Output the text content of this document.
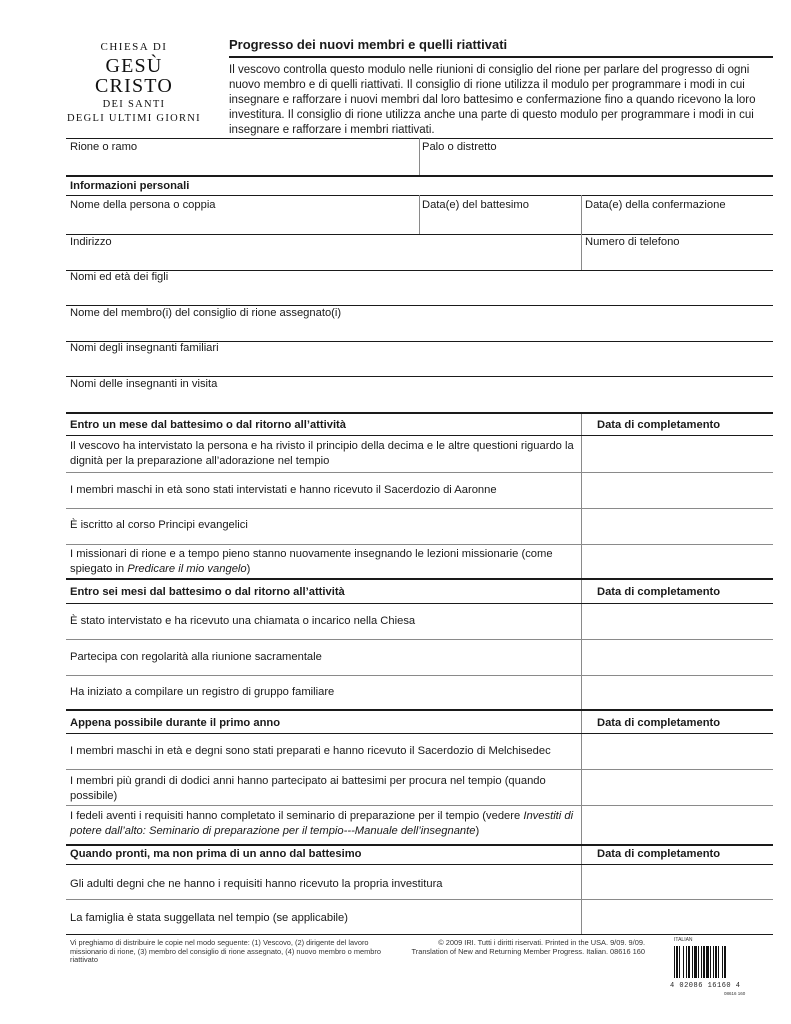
CHIESA DI
GESÙ CRISTO
DEI SANTI
DEGLI ULTIMI GIORNI
Progresso dei nuovi membri e quelli riattivati

Il vescovo controlla questo modulo nelle riunioni di consiglio del rione per parlare del progresso di ogni nuovo membro e di quelli riattivati. Il consiglio di rione utilizza il modulo per programmare i modi in cui insegnare e rafforzare i nuovi membri dal loro battesimo e confermazione fino a quando ricevono la loro investitura. Il consiglio di rione utilizza anche una parte di questo modulo per programmare i modi in cui insegnare e rafforzare i membri riattivati.

Rione o ramo	Palo o distretto
Informazioni personali
Nome della persona o coppia	Data(e) del battesimo	Data(e) della confermazione
Indirizzo	Numero di telefono
Nomi ed età dei figli
Nome del membro(i) del consiglio di rione assegnato(i)
Nomi degli insegnanti familiari
Nomi delle insegnanti in visita
Entro un mese dal battesimo o dal ritorno all’attività	Data di completamento
Il vescovo ha intervistato la persona e ha rivisto il principio della decima e le altre questioni riguardo la dignità per la preparazione all’adorazione nel tempio
I membri maschi in età sono stati intervistati e hanno ricevuto il Sacerdozio di Aaronne
È iscritto al corso Principi evangelici
I missionari di rione e a tempo pieno stanno nuovamente insegnando le lezioni missionarie (come spiegato in Predicare il mio vangelo)
Entro sei mesi dal battesimo o dal ritorno all’attività	Data di completamento
È stato intervistato e ha ricevuto una chiamata o incarico nella Chiesa
Partecipa con regolarità alla riunione sacramentale
Ha iniziato a compilare un registro di gruppo familiare
Appena possibile durante il primo anno	Data di completamento
I membri maschi in età e degni sono stati preparati e hanno ricevuto il Sacerdozio di Melchisedec
I membri più grandi di dodici anni hanno partecipato ai battesimi per procura nel tempio (quando possibile)
I fedeli aventi i requisiti hanno completato il seminario di preparazione per il tempio (vedere Investiti di potere dall’alto: Seminario di preparazione per il tempio---Manuale dell’insegnante)
Quando pronti, ma non prima di un anno dal battesimo	Data di completamento
Gli adulti degni che ne hanno i requisiti hanno ricevuto la propria investitura
La famiglia è stata suggellata nel tempio (se applicabile)
Vi preghiamo di distribuire le copie nel modo seguente: (1) Vescovo, (2) dirigente del lavoro missionario di rione, (3) membro del consiglio di rione assegnato, (4) nuovo membro o membro riattivato
© 2009 IRI. Tutti i diritti riservati. Printed in the USA. 9/09. 9/09.
Translation of New and Returning Member Progress. Italian. 08616 160
ITALIAN
4 02086 16160 4
08616 160
